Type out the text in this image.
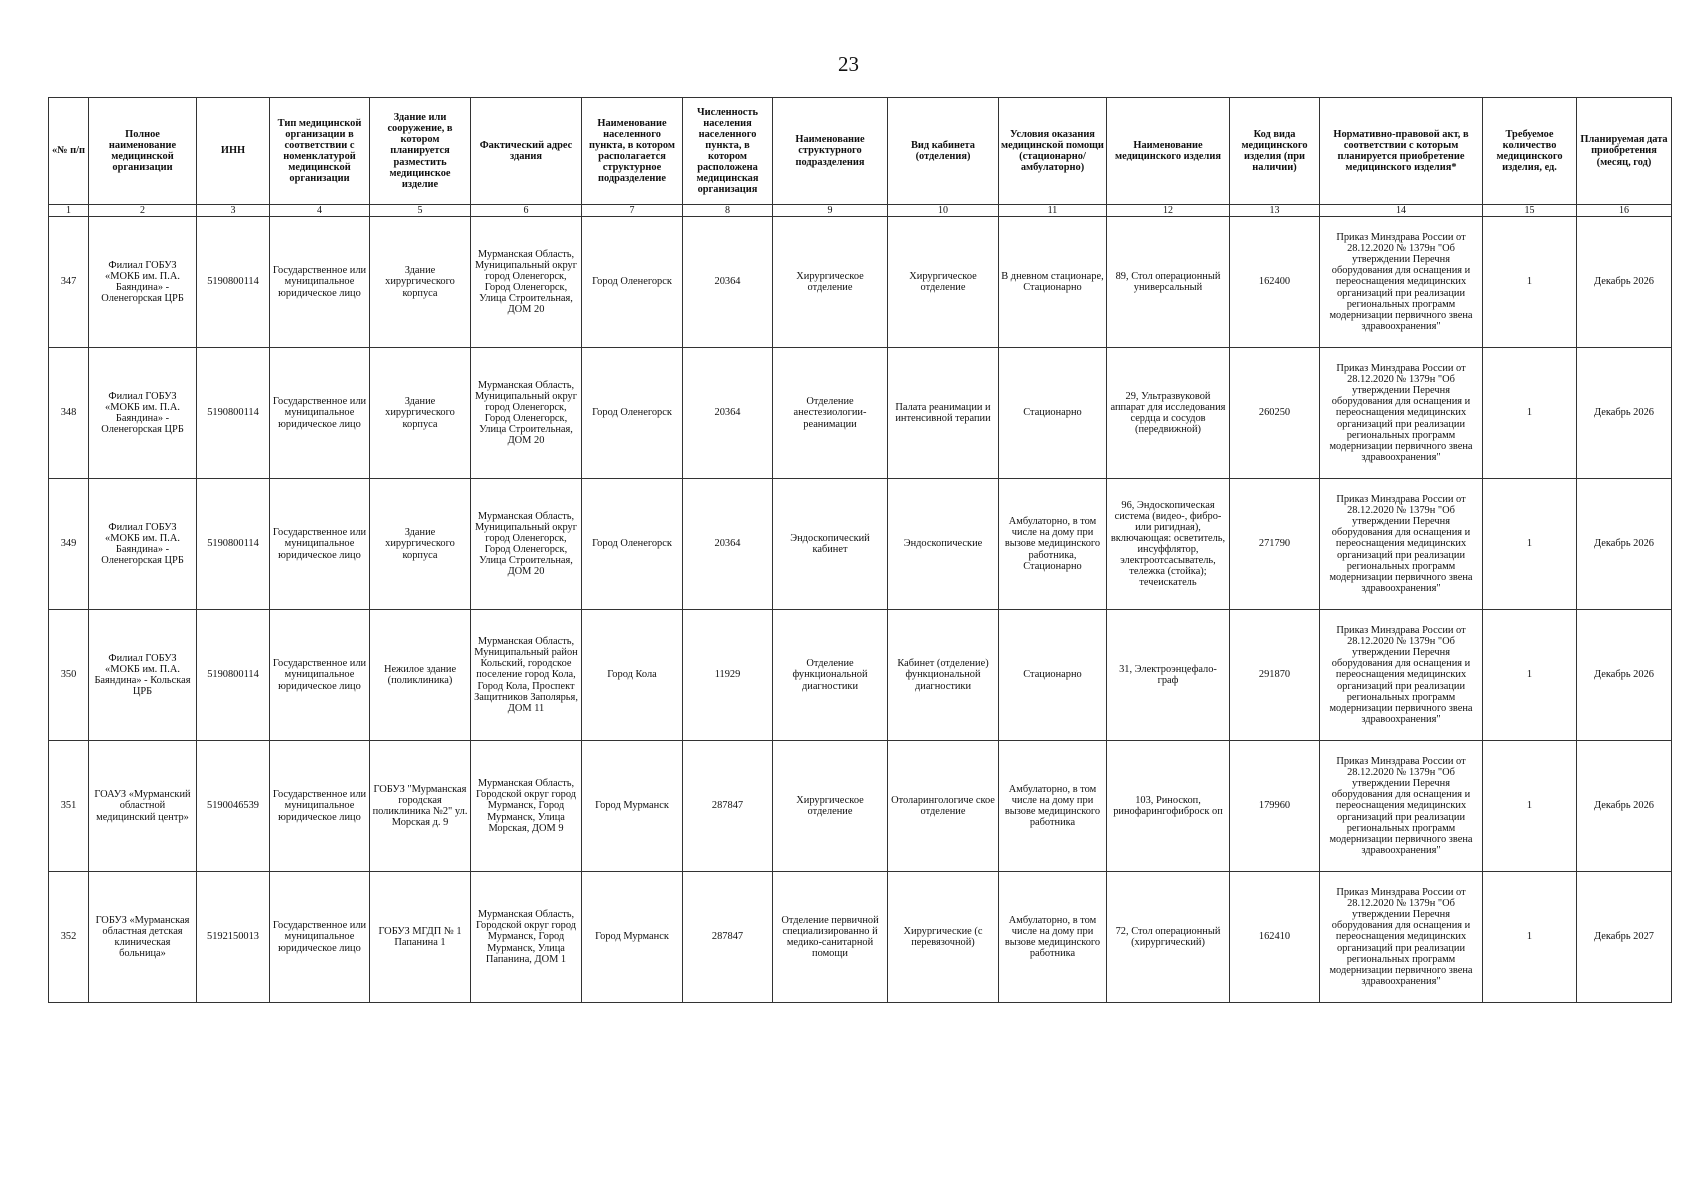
23
«№ п/п	Полное наименование медицинской организации	ИНН	Тип медицинской организации в соответствии с номенклатурой медицинской организации	Здание или сооружение, в котором планируется разместить медицинское изделие	Фактический адрес здания	Наименование населенного пункта, в котором располагается структурное подразделение	Численность населения населенного пункта, в котором расположена медицинская организация	Наименование структурного подразделения	Вид кабинета (отделения)	Условия оказания медицинской помощи (стационарно/ амбулаторно)	Наименование медицинского изделия	Код вида медицинского изделия (при наличии)	Нормативно-правовой акт, в соответствии с которым планируется приобретение медицинского изделия*	Требуемое количество медицинского изделия, ед.	Планируемая дата приобретения (месяц, год)
1	2	3	4	5	6	7	8	9	10	11	12	13	14	15	16
347	Филиал ГОБУЗ «МОКБ им. П.А. Баяндина» - Оленегорская ЦРБ	5190800114	Государственное или муниципальное юридическое лицо	Здание хирургического корпуса	Мурманская Область, Муниципальный округ город Оленегорск, Город Оленегорск, Улица Строительная, ДОМ 20	Город Оленегорск	20364	Хирургическое отделение	Хирургическое отделение	В дневном стационаре, Стационарно	89, Стол операционный универсальный	162400	Приказ Минздрава России от 28.12.2020 № 1379н "Об утверждении Перечня оборудования для оснащения и переоснащения медицинских организаций при реализации региональных программ модернизации первичного звена здравоохранения"	1	Декабрь 2026
348	Филиал ГОБУЗ «МОКБ им. П.А. Баяндина» - Оленегорская ЦРБ	5190800114	Государственное или муниципальное юридическое лицо	Здание хирургического корпуса	Мурманская Область, Муниципальный округ город Оленегорск, Город Оленегорск, Улица Строительная, ДОМ 20	Город Оленегорск	20364	Отделение анестезиологии-реанимации	Палата реанимации и интенсивной терапии	Стационарно	29, Ультразвуковой аппарат для исследования сердца и сосудов (передвижной)	260250	Приказ Минздрава России от 28.12.2020 № 1379н "Об утверждении Перечня оборудования для оснащения и переоснащения медицинских организаций при реализации региональных программ модернизации первичного звена здравоохранения"	1	Декабрь 2026
349	Филиал ГОБУЗ «МОКБ им. П.А. Баяндина» - Оленегорская ЦРБ	5190800114	Государственное или муниципальное юридическое лицо	Здание хирургического корпуса	Мурманская Область, Муниципальный округ город Оленегорск, Город Оленегорск, Улица Строительная, ДОМ 20	Город Оленегорск	20364	Эндоскопический кабинет	Эндоскопические	Амбулаторно, в том числе на дому при вызове медицинского работника, Стационарно	96, Эндоскопическая система (видео-, фибро- или ригидная), включающая: осветитель, инсуффлятор, электроотсасыватель, тележка (стойка); течеискатель	271790	Приказ Минздрава России от 28.12.2020 № 1379н "Об утверждении Перечня оборудования для оснащения и переоснащения медицинских организаций при реализации региональных программ модернизации первичного звена здравоохранения"	1	Декабрь 2026
350	Филиал ГОБУЗ «МОКБ им. П.А. Баяндина» - Кольская ЦРБ	5190800114	Государственное или муниципальное юридическое лицо	Нежилое здание (поликлиника)	Мурманская Область, Муниципальный район Кольский, городское поселение город Кола, Город Кола, Проспект Защитников Заполярья, ДОМ 11	Город Кола	11929	Отделение функциональной диагностики	Кабинет (отделение) функциональной диагностики	Стационарно	31, Электроэнцефало-граф	291870	Приказ Минздрава России от 28.12.2020 № 1379н "Об утверждении Перечня оборудования для оснащения и переоснащения медицинских организаций при реализации региональных программ модернизации первичного звена здравоохранения"	1	Декабрь 2026
351	ГОАУЗ «Мурманский областной медицинский центр»	5190046539	Государственное или муниципальное юридическое лицо	ГОБУЗ "Мурманская городская поликлиника №2" ул. Морская д. 9	Мурманская Область, Городской округ город Мурманск, Город Мурманск, Улица Морская, ДОМ 9	Город Мурманск	287847	Хирургическое отделение	Отоларингологиче ское отделение	Амбулаторно, в том числе на дому при вызове медицинского работника	103, Риноскоп, ринофарингофиброск оп	179960	Приказ Минздрава России от 28.12.2020 № 1379н "Об утверждении Перечня оборудования для оснащения и переоснащения медицинских организаций при реализации региональных программ модернизации первичного звена здравоохранения"	1	Декабрь 2026
352	ГОБУЗ «Мурманская областная детская клиническая больница»	5192150013	Государственное или муниципальное юридическое лицо	ГОБУЗ МГДП № 1 Папанина 1	Мурманская Область, Городской округ город Мурманск, Город Мурманск, Улица Папанина, ДОМ 1	Город Мурманск	287847	Отделение первичной специализированно й медико-санитарной помощи	Хирургические (с перевязочной)	Амбулаторно, в том числе на дому при вызове медицинского работника	72, Стол операционный (хирургический)	162410	Приказ Минздрава России от 28.12.2020 № 1379н "Об утверждении Перечня оборудования для оснащения и переоснащения медицинских организаций при реализации региональных программ модернизации первичного звена здравоохранения"	1	Декабрь 2027
